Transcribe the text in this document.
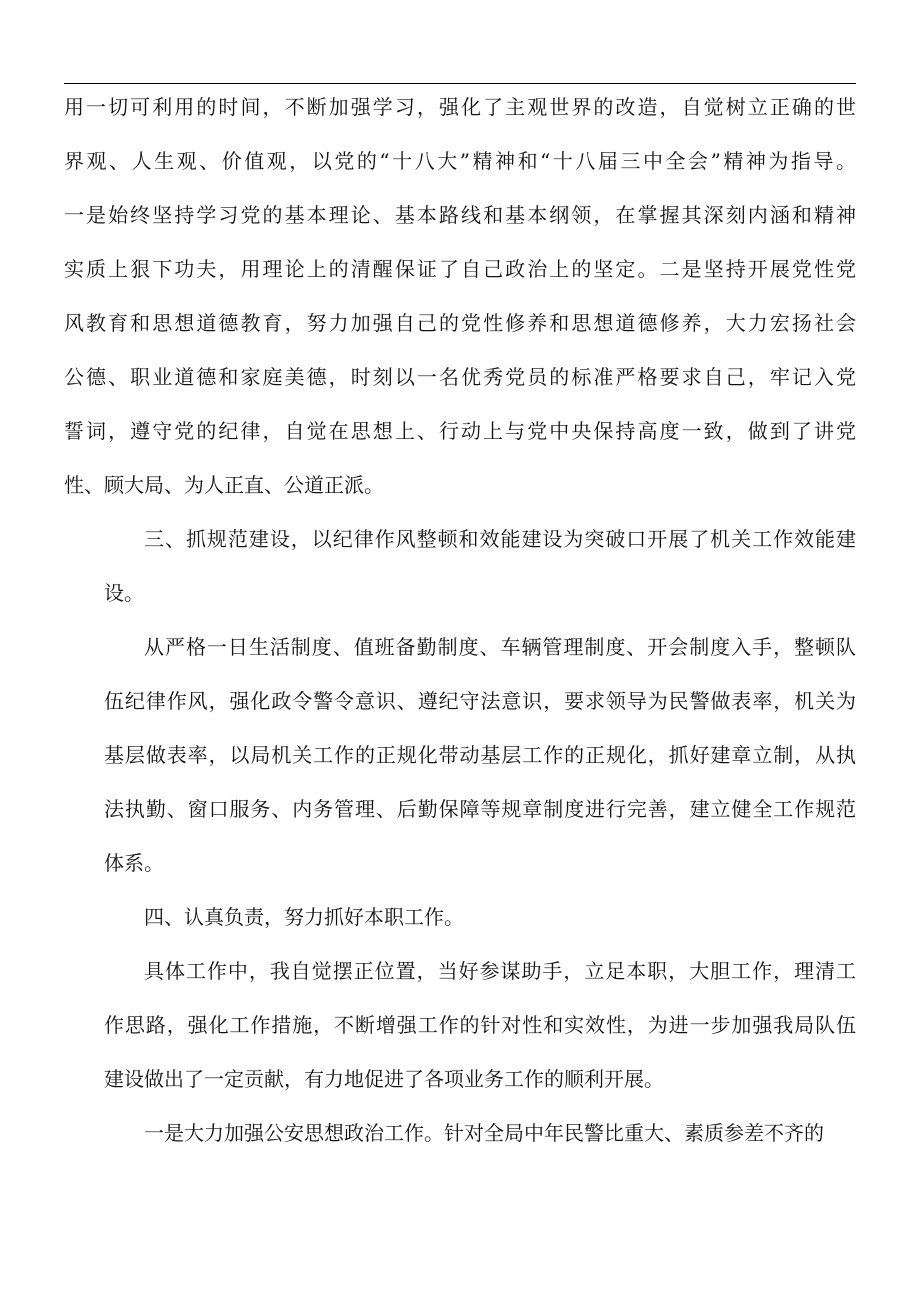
用一切可利用的时间，不断加强学习，强化了主观世界的改造，自觉树立正确的世
界观、人生观、价值观，以党的“十八大”精神和“十八届三中全会”精神为指导。
一是始终坚持学习党的基本理论、基本路线和基本纲领，在掌握其深刻内涵和精神
实质上狠下功夫，用理论上的清醒保证了自己政治上的坚定。二是坚持开展党性党
风教育和思想道德教育，努力加强自己的党性修养和思想道德修养，大力宏扬社会
公德、职业道德和家庭美德，时刻以一名优秀党员的标准严格要求自己，牢记入党
誓词，遵守党的纪律，自觉在思想上、行动上与党中央保持高度一致，做到了讲党
性、顾大局、为人正直、公道正派。

三、抓规范建设，以纪律作风整顿和效能建设为突破口开展了机关工作效能建
设。

从严格一日生活制度、值班备勤制度、车辆管理制度、开会制度入手，整顿队
伍纪律作风，强化政令警令意识、遵纪守法意识，要求领导为民警做表率，机关为
基层做表率，以局机关工作的正规化带动基层工作的正规化，抓好建章立制，从执
法执勤、窗口服务、内务管理、后勤保障等规章制度进行完善，建立健全工作规范
体系。

四、认真负责，努力抓好本职工作。

具体工作中，我自觉摆正位置，当好参谋助手，立足本职，大胆工作，理清工
作思路，强化工作措施，不断增强工作的针对性和实效性，为进一步加强我局队伍
建设做出了一定贡献，有力地促进了各项业务工作的顺利开展。

一是大力加强公安思想政治工作。针对全局中年民警比重大、素质参差不齐的
